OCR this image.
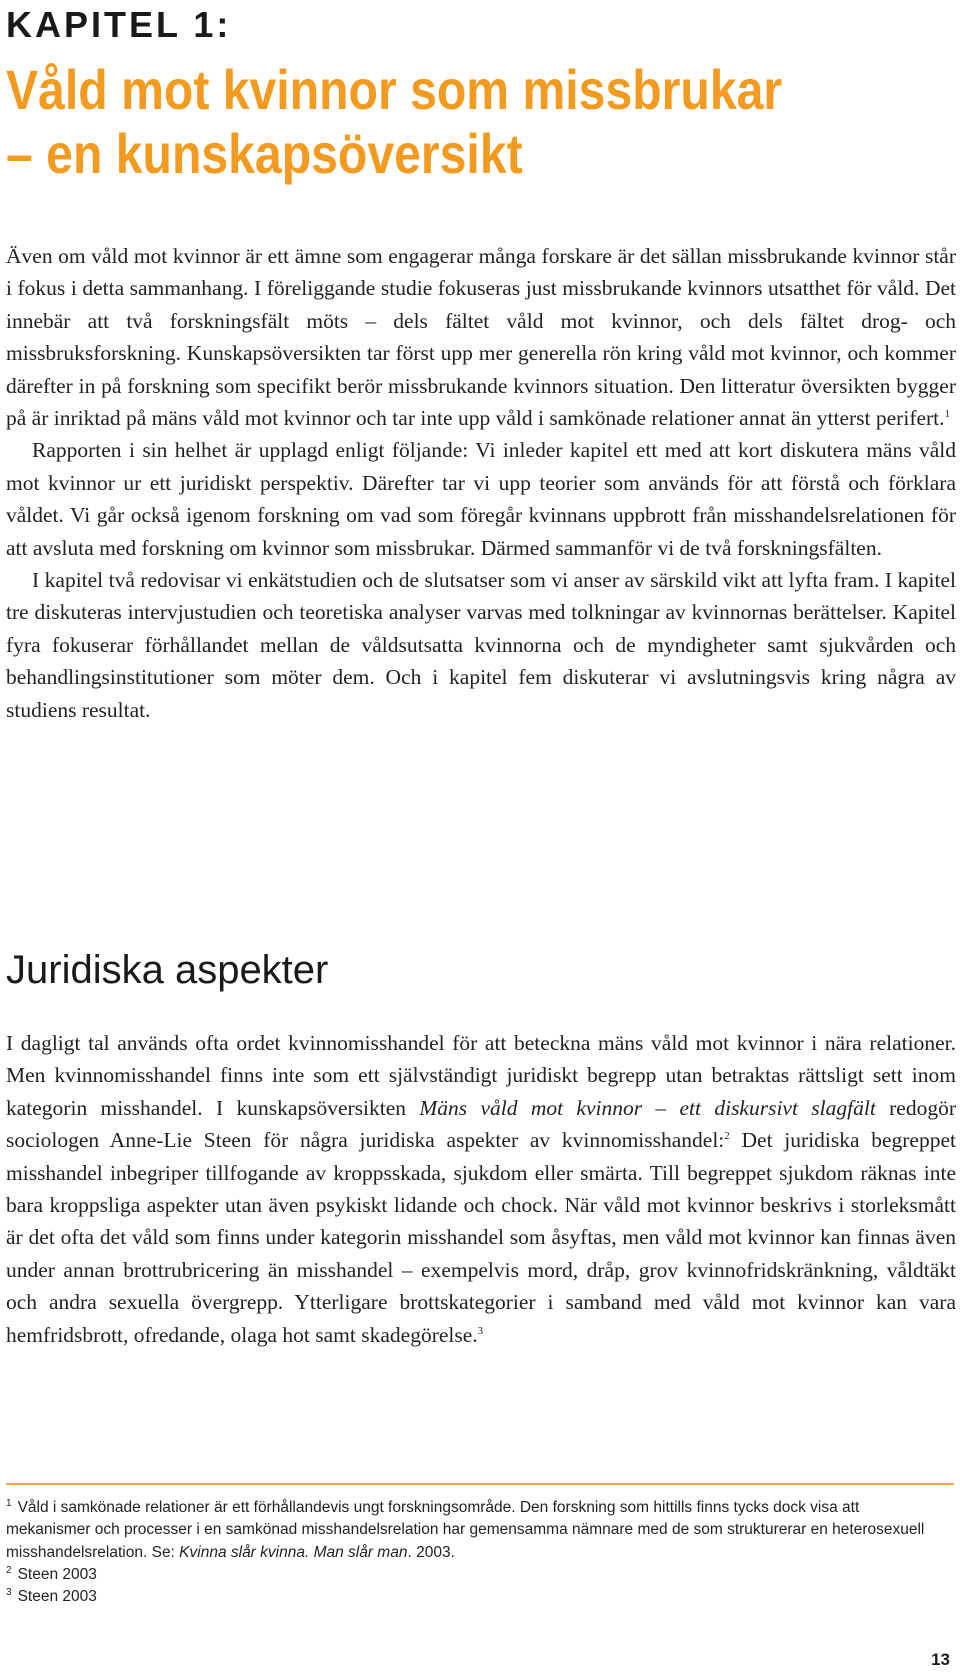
KAPITEL 1:
Våld mot kvinnor som missbrukar
– en kunskapsöversikt

Även om våld mot kvinnor är ett ämne som engagerar många forskare är det sällan missbrukande kvinnor står i fokus i detta sammanhang. I föreliggande studie fokuseras just missbrukande kvinnors utsatthet för våld. Det innebär att två forskningsfält möts – dels fältet våld mot kvinnor, och dels fältet drog- och missbruksforskning. Kunskapsöversikten tar först upp mer generella rön kring våld mot kvinnor, och kommer därefter in på forskning som specifikt berör missbrukande kvinnors situation. Den litteratur översikten bygger på är inriktad på mäns våld mot kvinnor och tar inte upp våld i samkönade relationer annat än ytterst perifert.$^1$

Rapporten i sin helhet är upplagd enligt följande: Vi inleder kapitel ett med att kort diskutera mäns våld mot kvinnor ur ett juridiskt perspektiv. Därefter tar vi upp teorier som används för att förstå och förklara våldet. Vi går också igenom forskning om vad som föregår kvinnans uppbrott från misshandelsrelationen för att avsluta med forskning om kvinnor som missbrukar. Därmed sammanför vi de två forskningsfälten.

I kapitel två redovisar vi enkätstudien och de slutsatser som vi anser av särskild vikt att lyfta fram. I kapitel tre diskuteras intervjustudien och teoretiska analyser varvas med tolkningar av kvinnornas berättelser. Kapitel fyra fokuserar förhållandet mellan de våldsutsatta kvinnorna och de myndigheter samt sjukvården och behandlingsinstitutioner som möter dem. Och i kapitel fem diskuterar vi avslutningsvis kring några av studiens resultat.

Juridiska aspekter

I dagligt tal används ofta ordet kvinnomisshandel för att beteckna mäns våld mot kvinnor i nära relationer. Men kvinnomisshandel finns inte som ett självständigt juridiskt begrepp utan betraktas rättsligt sett inom kategorin misshandel. I kunskapsöversikten Mäns våld mot kvinnor – ett diskursivt slagfält redogör sociologen Anne-Lie Steen för några juridiska aspekter av kvinnomisshandel:$^2$ Det juridiska begreppet misshandel inbegriper tillfogande av kroppsskada, sjukdom eller smärta. Till begreppet sjukdom räknas inte bara kroppsliga aspekter utan även psykiskt lidande och chock. När våld mot kvinnor beskrivs i storleksmått är det ofta det våld som finns under kategorin misshandel som åsyftas, men våld mot kvinnor kan finnas även under annan brottrubricering än misshandel – exempelvis mord, dråp, grov kvinnofridskränkning, våldtäkt och andra sexuella övergrepp. Ytterligare brottskategorier i samband med våld mot kvinnor kan vara hemfridsbrott, ofredande, olaga hot samt skadegörelse.$^3$

$^1$ Våld i samkönade relationer är ett förhållandevis ungt forskningsområde. Den forskning som hittills finns tycks dock visa att mekanismer och processer i en samkönad misshandelsrelation har gemensamma nämnare med de som strukturerar en heterosexuell misshandelsrelation. Se: Kvinna slår kvinna. Man slår man. 2003.

$^2$ Steen 2003

$^3$ Steen 2003

13
